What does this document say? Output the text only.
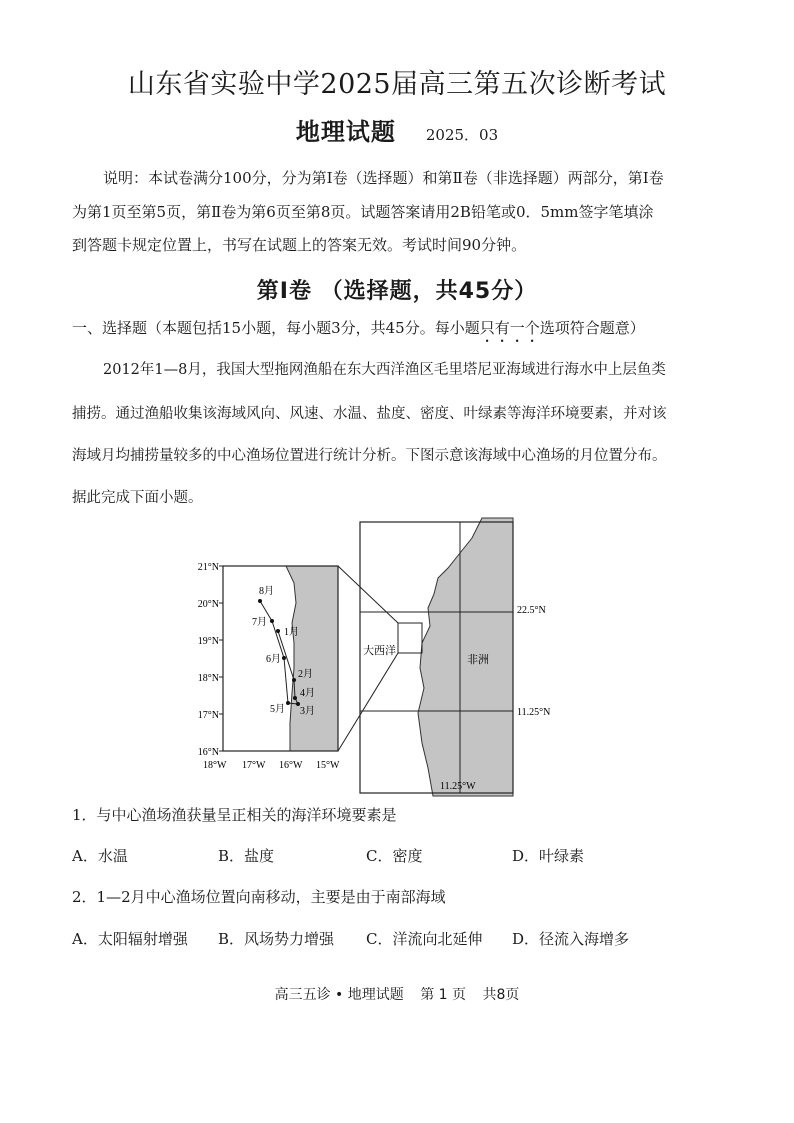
山东省实验中学2025届高三第五次诊断考试
地理试题 2025．03
说明：本试卷满分100分，分为第Ⅰ卷（选择题）和第Ⅱ卷（非选择题）两部分，第Ⅰ卷
为第1页至第5页，第Ⅱ卷为第6页至第8页。试题答案请用2B铅笔或0．5mm签字笔填涂
到答题卡规定位置上，书写在试题上的答案无效。考试时间90分钟。
第Ⅰ卷 （选择题，共45分）
一、选择题（本题包括15小题，每小题3分，共45分。每小题只有一个选项符合题意）
2012年1—8月，我国大型拖网渔船在东大西洋渔区毛里塔尼亚海域进行海水中上层鱼类
捕捞。通过渔船收集该海域风向、风速、水温、盐度、密度、叶绿素等海洋环境要素，并对该
海域月均捕捞量较多的中心渔场位置进行统计分析。下图示意该海域中心渔场的月位置分布。
据此完成下面小题。
22.5°N
11.25°N
11.25°W
大西洋
非洲
21°N
20°N
19°N
18°N
17°N
16°N
18°W 17°W 16°W 15°W
1月
2月
3月
4月
5月
6月
7月
8月
1．与中心渔场渔获量呈正相关的海洋环境要素是
A．水温	B．盐度	C．密度	D．叶绿素
2．1—2月中心渔场位置向南移动，主要是由于南部海域
A．太阳辐射增强 B．风场势力增强 C．洋流向北延伸 D．径流入海增多
高三五诊 • 地理试题 第 1 页 共8页
